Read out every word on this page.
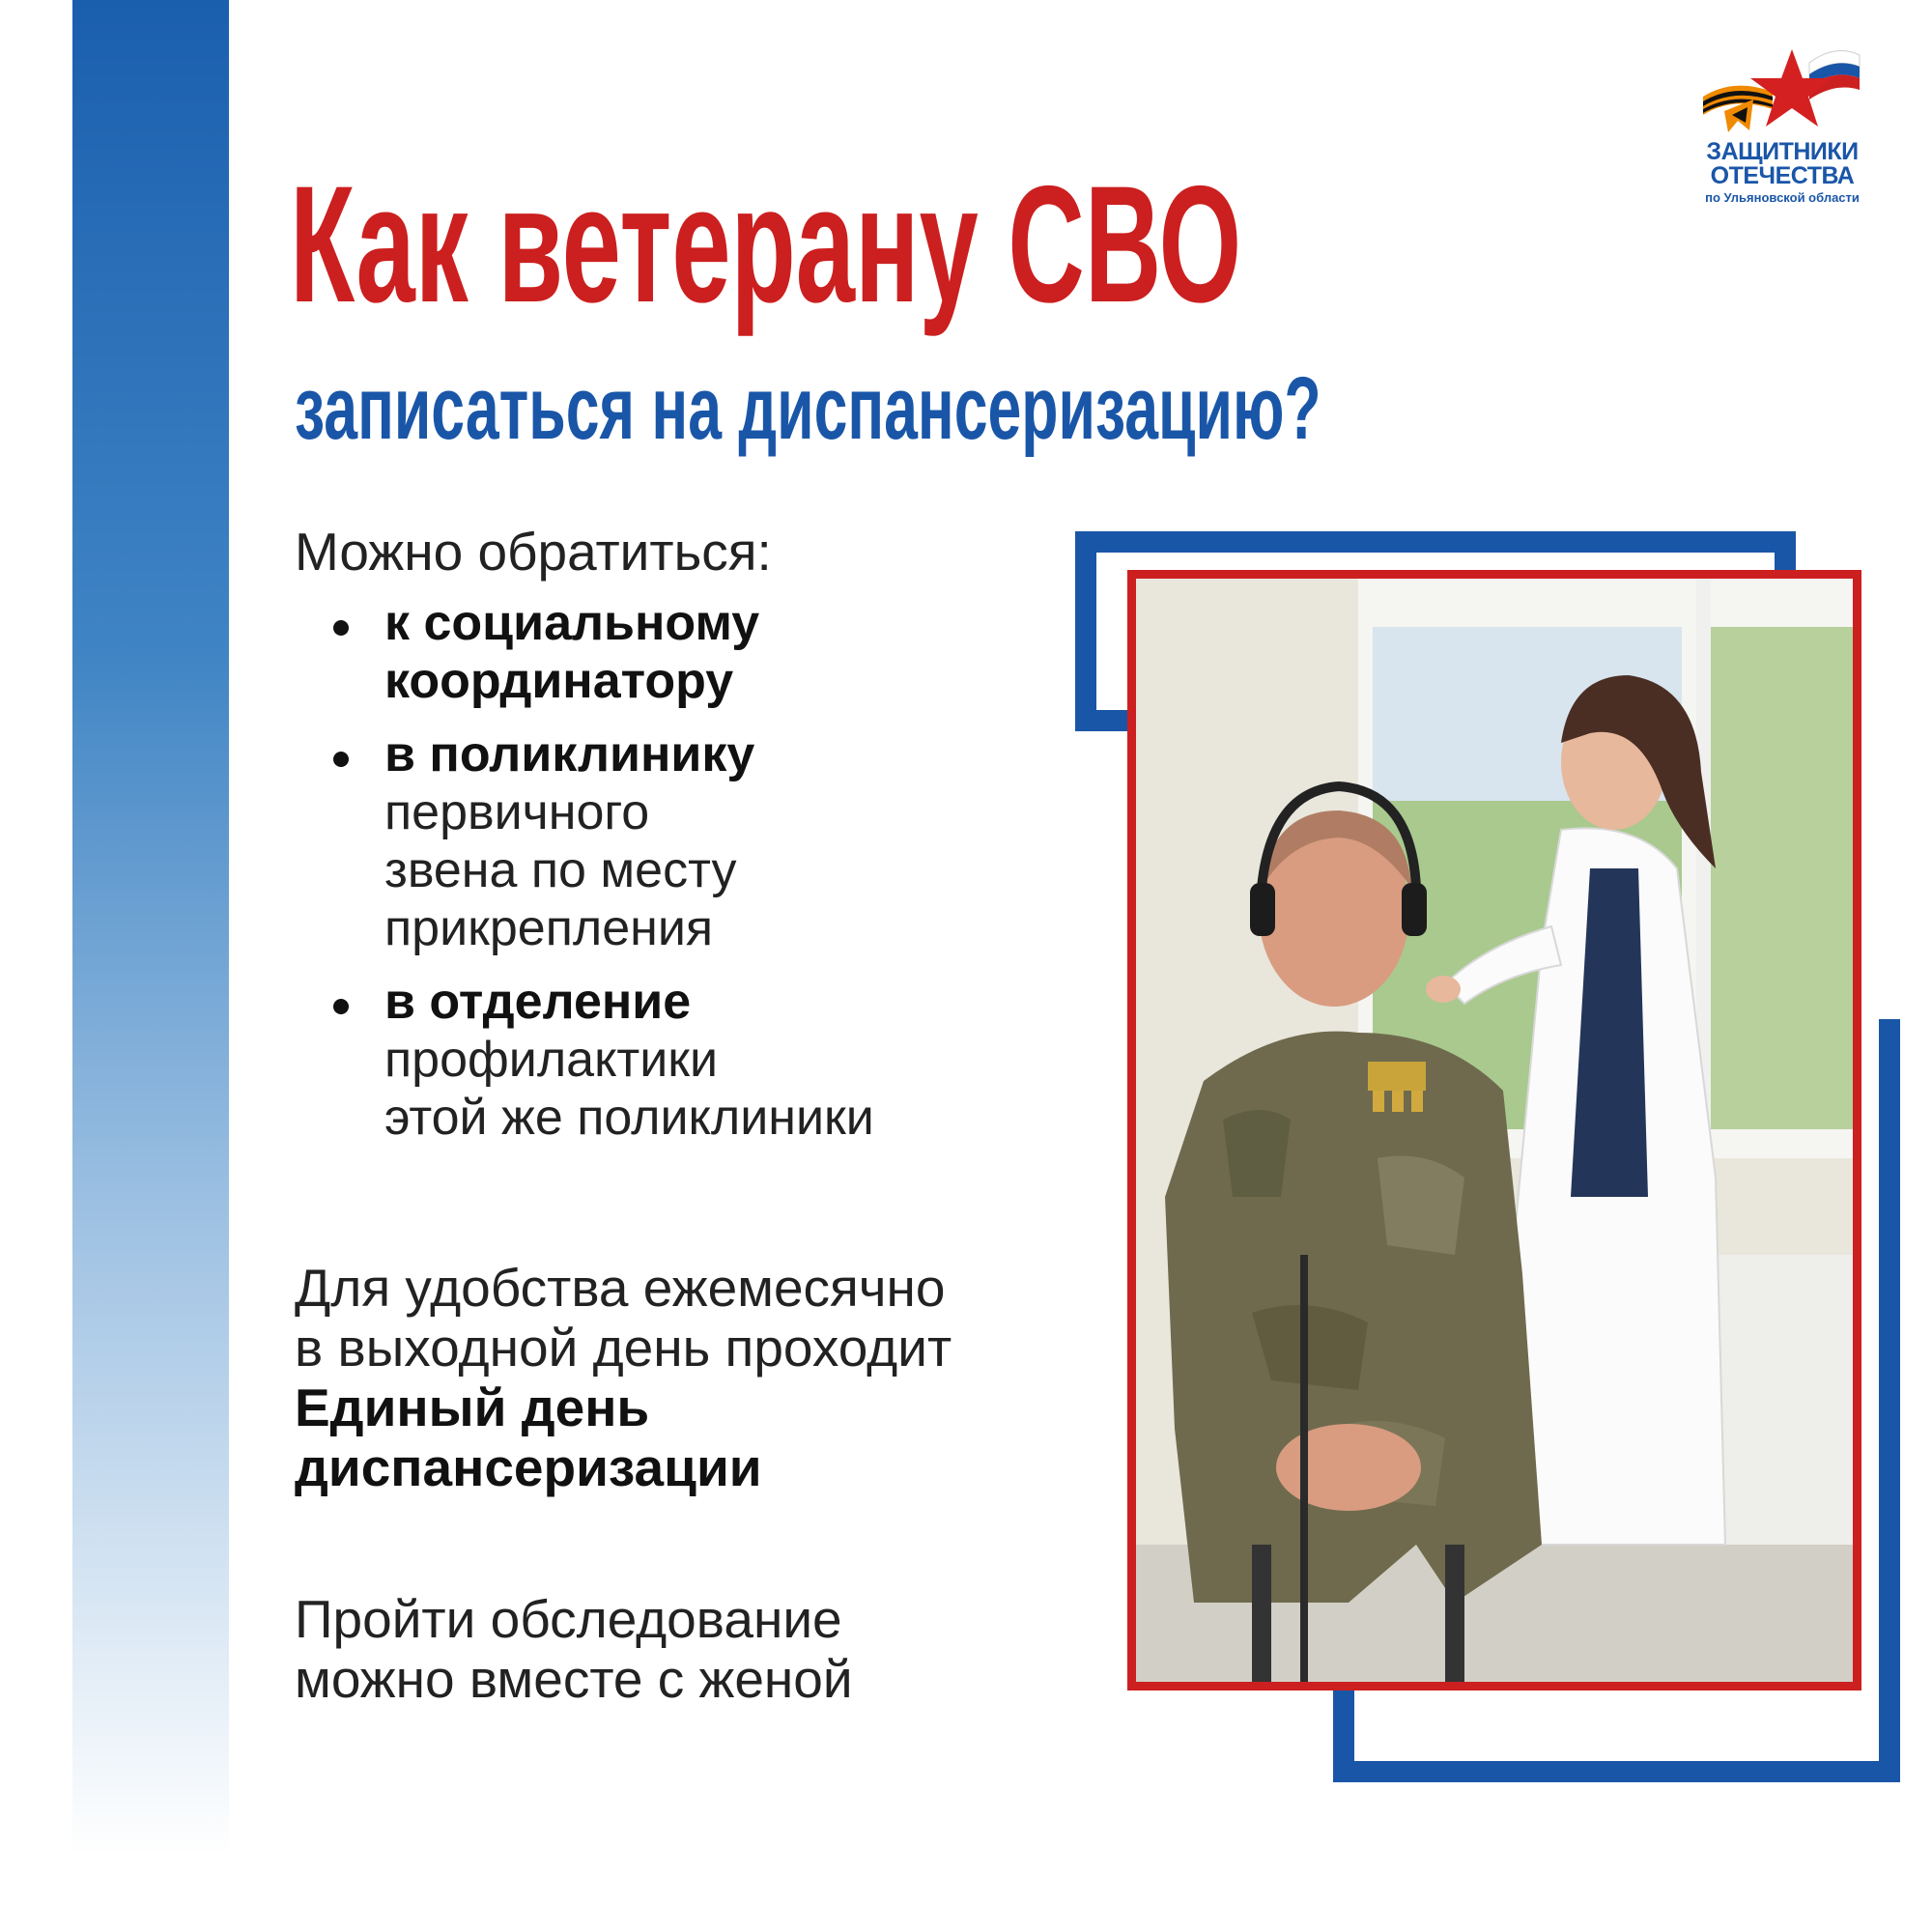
ЗАЩИТНИКИ
ОТЕЧЕСТВА
по Ульяновской области
Как ветерану СВО
записаться на диспансеризацию?
Можно обратиться:
к социальному
координатору
в поликлинику
первичного
звена по месту
прикрепления
в отделение
профилактики
этой же поликлиники
Для удобства ежемесячно
в выходной день проходит
Единый день
диспансеризации
Пройти обследование
можно вместе с женой
